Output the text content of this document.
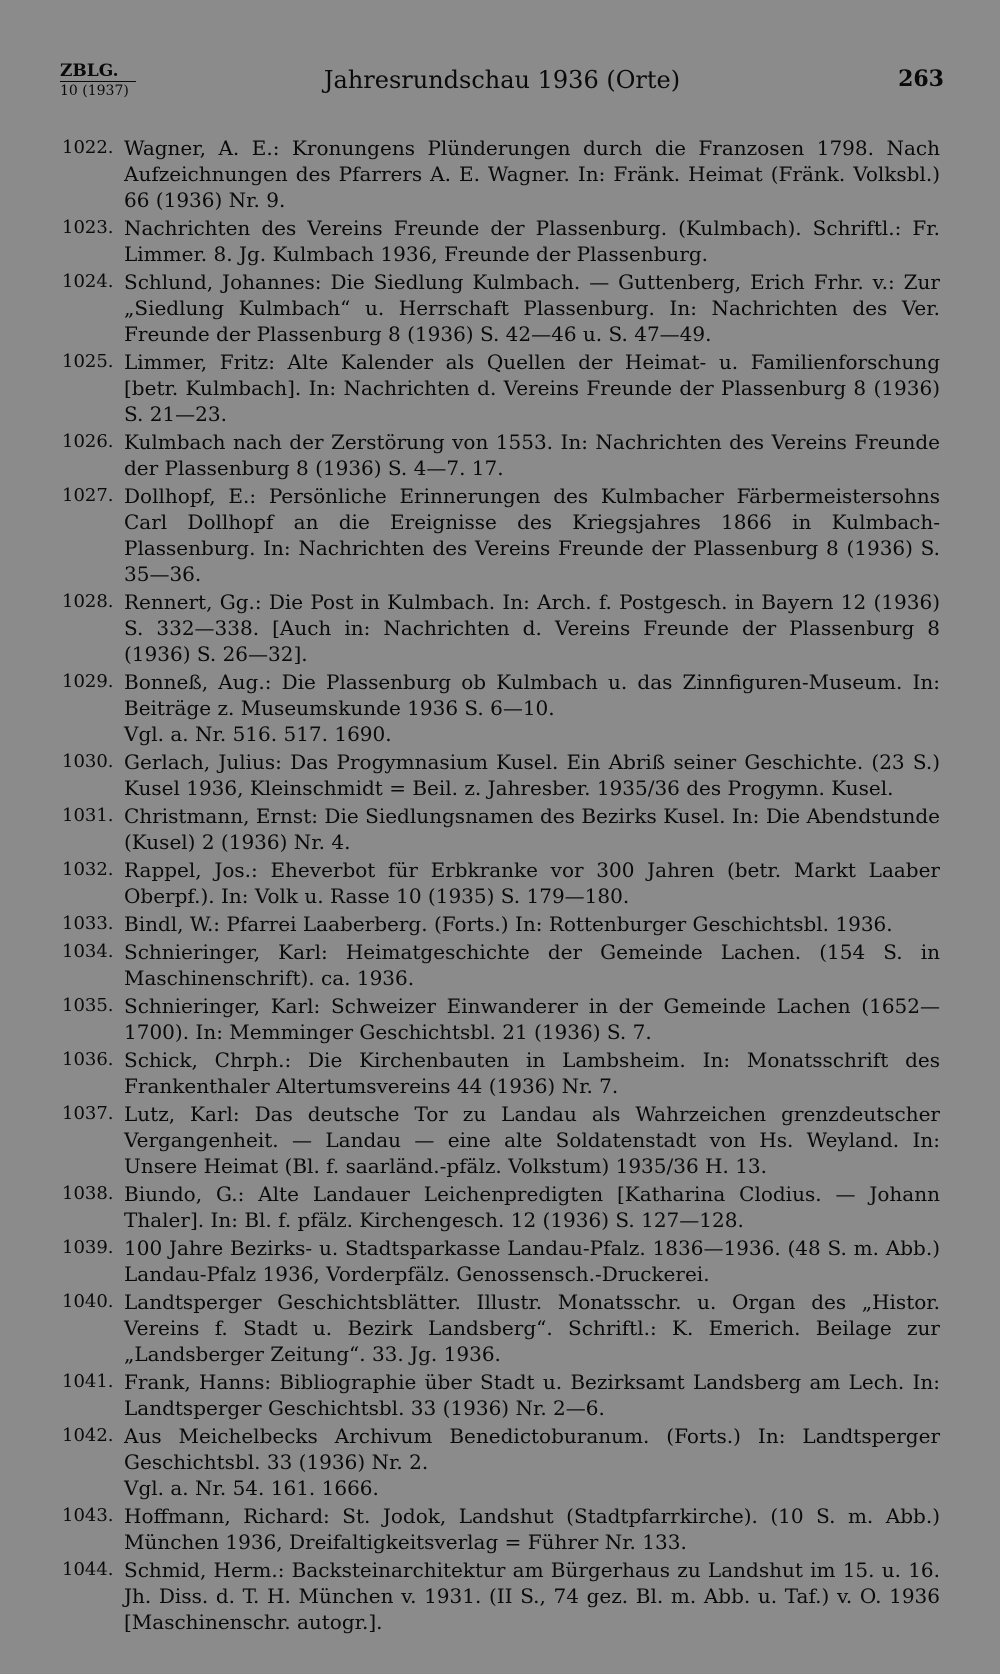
ZBLG.
10 (1937)	Jahresrundschau 1936 (Orte)	263
1022. Wagner, A. E.: Kronungens Plünderungen durch die Franzosen 1798. Nach Aufzeichnungen des Pfarrers A. E. Wagner. In: Fränk. Heimat (Fränk. Volksbl.) 66 (1936) Nr. 9.
1023. Nachrichten des Vereins Freunde der Plassenburg. (Kulmbach). Schriftl.: Fr. Limmer. 8. Jg. Kulmbach 1936, Freunde der Plassenburg.
1024. Schlund, Johannes: Die Siedlung Kulmbach. — Guttenberg, Erich Frhr. v.: Zur „Siedlung Kulmbach“ u. Herrschaft Plassenburg. In: Nachrichten des Ver. Freunde der Plassenburg 8 (1936) S. 42—46 u. S. 47—49.
1025. Limmer, Fritz: Alte Kalender als Quellen der Heimat- u. Familienforschung [betr. Kulmbach]. In: Nachrichten d. Vereins Freunde der Plassenburg 8 (1936) S. 21—23.
1026. Kulmbach nach der Zerstörung von 1553. In: Nachrichten des Vereins Freunde der Plassenburg 8 (1936) S. 4—7. 17.
1027. Dollhopf, E.: Persönliche Erinnerungen des Kulmbacher Färbermeistersohns Carl Dollhopf an die Ereignisse des Kriegsjahres 1866 in Kulmbach-Plassenburg. In: Nachrichten des Vereins Freunde der Plassenburg 8 (1936) S. 35—36.
1028. Rennert, Gg.: Die Post in Kulmbach. In: Arch. f. Postgesch. in Bayern 12 (1936) S. 332—338. [Auch in: Nachrichten d. Vereins Freunde der Plassenburg 8 (1936) S. 26—32].
1029. Bonneß, Aug.: Die Plassenburg ob Kulmbach u. das Zinnfiguren-Museum. In: Beiträge z. Museumskunde 1936 S. 6—10.
Vgl. a. Nr. 516. 517. 1690.
1030. Gerlach, Julius: Das Progymnasium Kusel. Ein Abriß seiner Geschichte. (23 S.) Kusel 1936, Kleinschmidt = Beil. z. Jahresber. 1935/36 des Progymn. Kusel.
1031. Christmann, Ernst: Die Siedlungsnamen des Bezirks Kusel. In: Die Abendstunde (Kusel) 2 (1936) Nr. 4.
1032. Rappel, Jos.: Eheverbot für Erbkranke vor 300 Jahren (betr. Markt Laaber Oberpf.). In: Volk u. Rasse 10 (1935) S. 179—180.
1033. Bindl, W.: Pfarrei Laaberberg. (Forts.) In: Rottenburger Geschichtsbl. 1936.
1034. Schnieringer, Karl: Heimatgeschichte der Gemeinde Lachen. (154 S. in Maschinenschrift). ca. 1936.
1035. Schnieringer, Karl: Schweizer Einwanderer in der Gemeinde Lachen (1652—1700). In: Memminger Geschichtsbl. 21 (1936) S. 7.
1036. Schick, Chrph.: Die Kirchenbauten in Lambsheim. In: Monatsschrift des Frankenthaler Altertumsvereins 44 (1936) Nr. 7.
1037. Lutz, Karl: Das deutsche Tor zu Landau als Wahrzeichen grenzdeutscher Vergangenheit. — Landau — eine alte Soldatenstadt von Hs. Weyland. In: Unsere Heimat (Bl. f. saarländ.-pfälz. Volkstum) 1935/36 H. 13.
1038. Biundo, G.: Alte Landauer Leichenpredigten [Katharina Clodius. — Johann Thaler]. In: Bl. f. pfälz. Kirchengesch. 12 (1936) S. 127—128.
1039. 100 Jahre Bezirks- u. Stadtsparkasse Landau-Pfalz. 1836—1936. (48 S. m. Abb.) Landau-Pfalz 1936, Vorderpfälz. Genossensch.-Druckerei.
1040. Landtsperger Geschichtsblätter. Illustr. Monatsschr. u. Organ des „Histor. Vereins f. Stadt u. Bezirk Landsberg“. Schriftl.: K. Emerich. Beilage zur „Landsberger Zeitung“. 33. Jg. 1936.
1041. Frank, Hanns: Bibliographie über Stadt u. Bezirksamt Landsberg am Lech. In: Landtsperger Geschichtsbl. 33 (1936) Nr. 2—6.
1042. Aus Meichelbecks Archivum Benedictoburanum. (Forts.) In: Landtsperger Geschichtsbl. 33 (1936) Nr. 2.
Vgl. a. Nr. 54. 161. 1666.
1043. Hoffmann, Richard: St. Jodok, Landshut (Stadtpfarrkirche). (10 S. m. Abb.) München 1936, Dreifaltigkeitsverlag = Führer Nr. 133.
1044. Schmid, Herm.: Backsteinarchitektur am Bürgerhaus zu Landshut im 15. u. 16. Jh. Diss. d. T. H. München v. 1931. (II S., 74 gez. Bl. m. Abb. u. Taf.) v. O. 1936 [Maschinenschr. autogr.].
